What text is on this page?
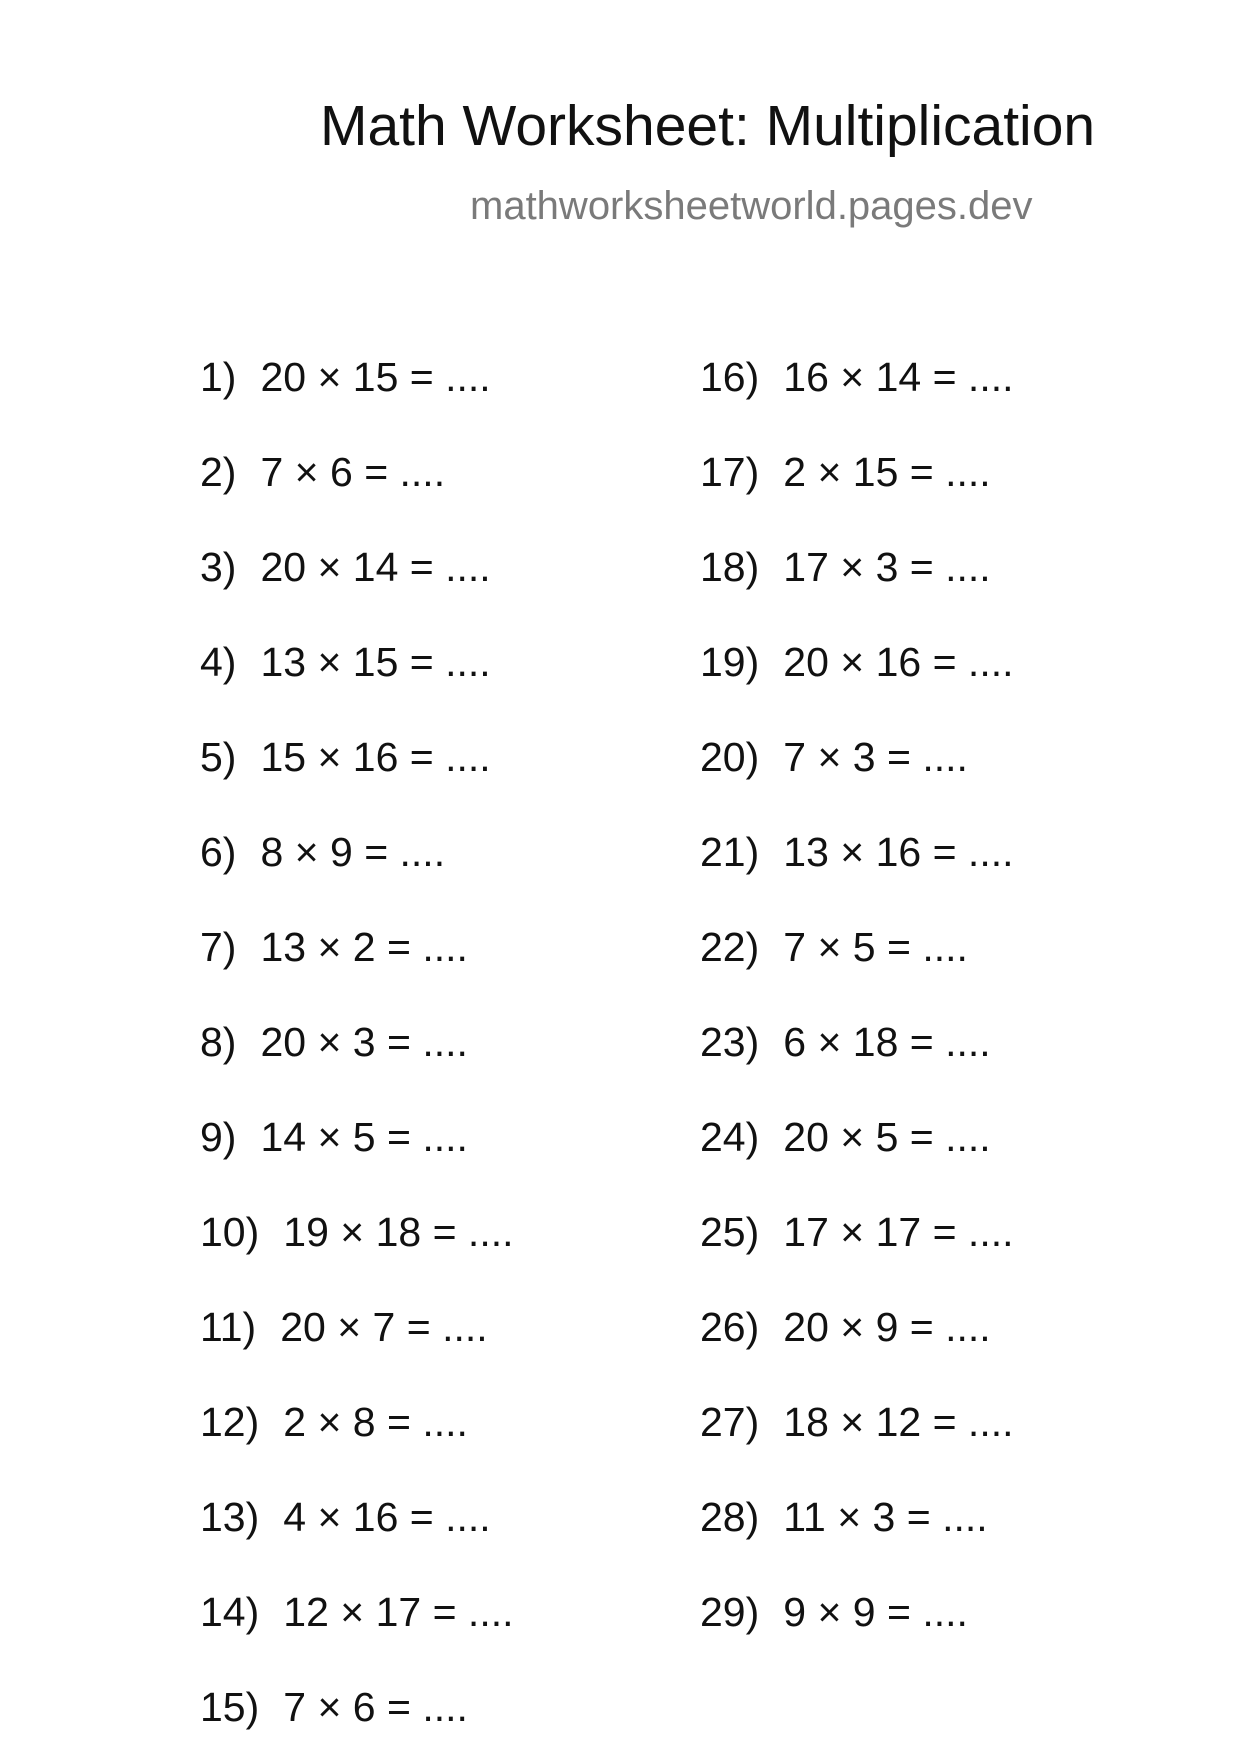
Math Worksheet: Multiplication
mathworksheetworld.pages.dev
1) 20 × 15 = ....
2) 7 × 6 = ....
3) 20 × 14 = ....
4) 13 × 15 = ....
5) 15 × 16 = ....
6) 8 × 9 = ....
7) 13 × 2 = ....
8) 20 × 3 = ....
9) 14 × 5 = ....
10) 19 × 18 = ....
11) 20 × 7 = ....
12) 2 × 8 = ....
13) 4 × 16 = ....
14) 12 × 17 = ....
15) 7 × 6 = ....
16) 16 × 14 = ....
17) 2 × 15 = ....
18) 17 × 3 = ....
19) 20 × 16 = ....
20) 7 × 3 = ....
21) 13 × 16 = ....
22) 7 × 5 = ....
23) 6 × 18 = ....
24) 20 × 5 = ....
25) 17 × 17 = ....
26) 20 × 9 = ....
27) 18 × 12 = ....
28) 11 × 3 = ....
29) 9 × 9 = ....
